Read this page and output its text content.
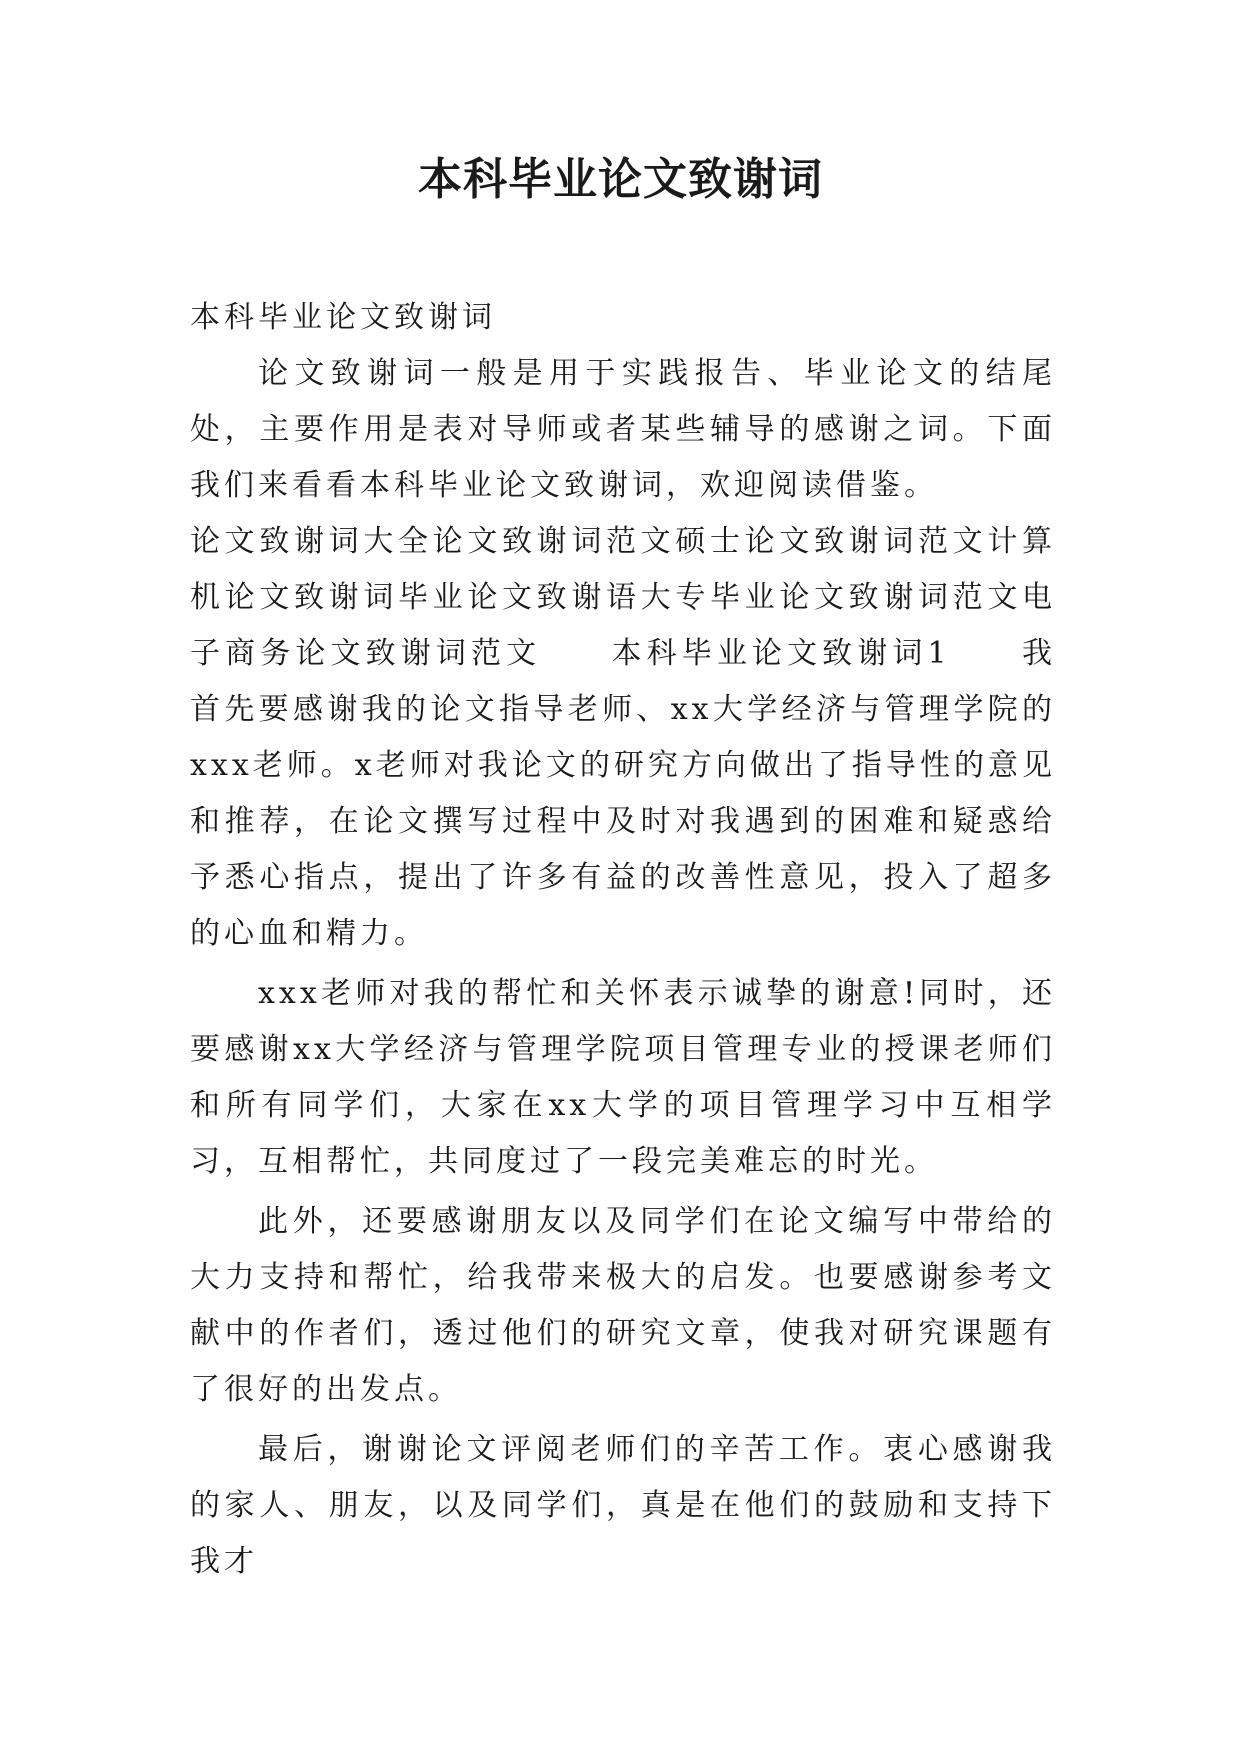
本科毕业论文致谢词

本科毕业论文致谢词

论文致谢词一般是用于实践报告、毕业论文的结尾处，主要作用是表对导师或者某些辅导的感谢之词。下面我们来看看本科毕业论文致谢词，欢迎阅读借鉴。

论文致谢词大全论文致谢词范文硕士论文致谢词范文计算机论文致谢词毕业论文致谢语大专毕业论文致谢词范文电子商务论文致谢词范文　　本科毕业论文致谢词1　　我首先要感谢我的论文指导老师、xx大学经济与管理学院的xxx老师。x老师对我论文的研究方向做出了指导性的意见和推荐，在论文撰写过程中及时对我遇到的困难和疑惑给予悉心指点，提出了许多有益的改善性意见，投入了超多的心血和精力。

xxx老师对我的帮忙和关怀表示诚挚的谢意!同时，还要感谢xx大学经济与管理学院项目管理专业的授课老师们和所有同学们，大家在xx大学的项目管理学习中互相学习，互相帮忙，共同度过了一段完美难忘的时光。

此外，还要感谢朋友以及同学们在论文编写中带给的大力支持和帮忙，给我带来极大的启发。也要感谢参考文献中的作者们，透过他们的研究文章，使我对研究课题有了很好的出发点。

最后，谢谢论文评阅老师们的辛苦工作。衷心感谢我的家人、朋友，以及同学们，真是在他们的鼓励和支持下我才
